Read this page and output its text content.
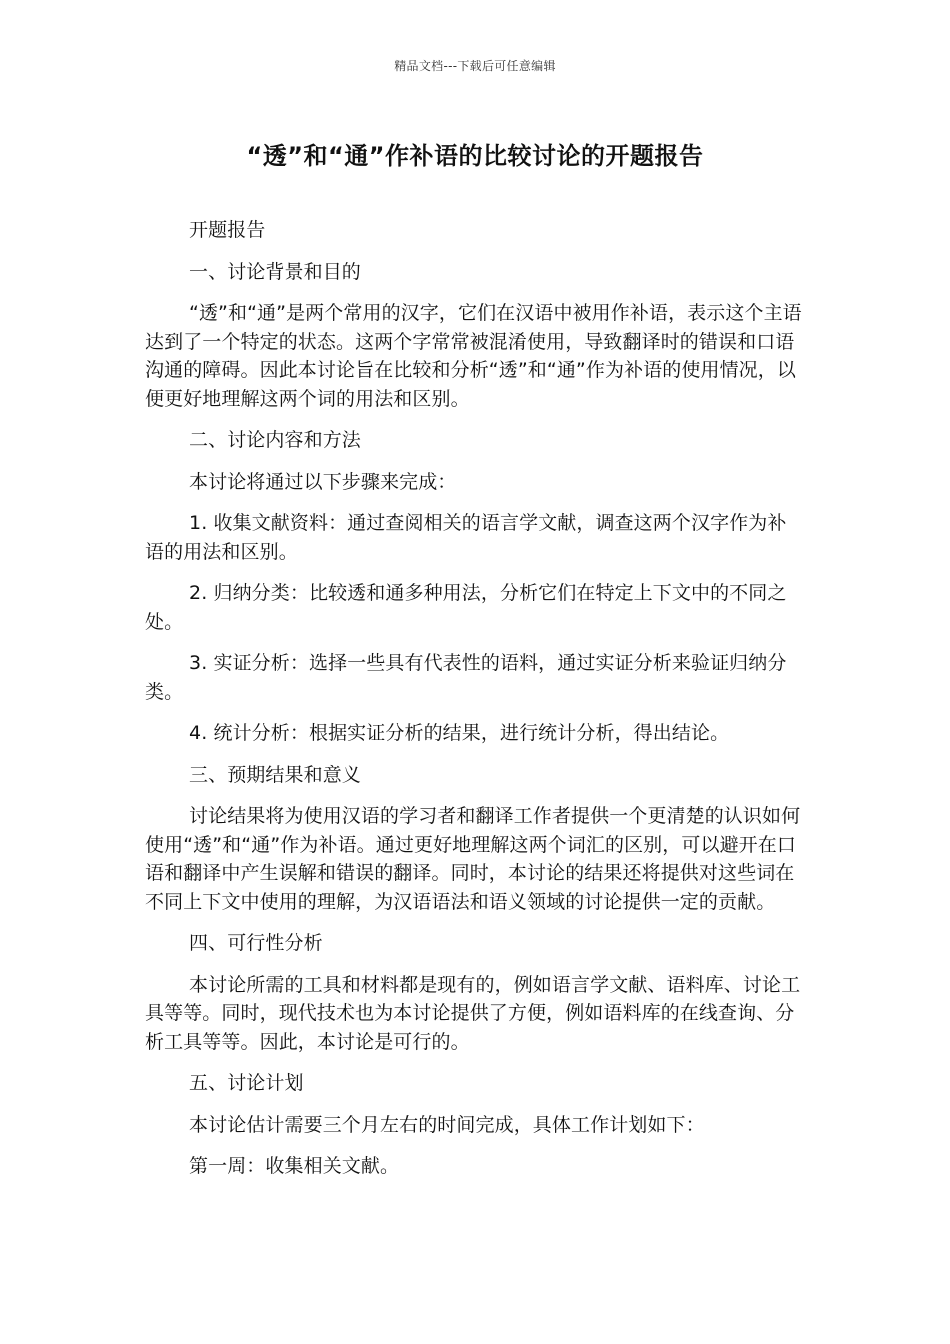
精品文档---下载后可任意编辑
“透”和“通”作补语的比较讨论的开题报告

开题报告

一、讨论背景和目的

“透”和“通”是两个常用的汉字，它们在汉语中被用作补语，表示这个主语达到了一个特定的状态。这两个字常常被混淆使用，导致翻译时的错误和口语沟通的障碍。因此本讨论旨在比较和分析“透”和“通”作为补语的使用情况，以便更好地理解这两个词的用法和区别。

二、讨论内容和方法

本讨论将通过以下步骤来完成：

1. 收集文献资料：通过查阅相关的语言学文献，调查这两个汉字作为补语的用法和区别。

2. 归纳分类：比较透和通多种用法，分析它们在特定上下文中的不同之处。

3. 实证分析：选择一些具有代表性的语料，通过实证分析来验证归纳分类。

4. 统计分析：根据实证分析的结果，进行统计分析，得出结论。

三、预期结果和意义

讨论结果将为使用汉语的学习者和翻译工作者提供一个更清楚的认识如何使用“透”和“通”作为补语。通过更好地理解这两个词汇的区别，可以避开在口语和翻译中产生误解和错误的翻译。同时，本讨论的结果还将提供对这些词在不同上下文中使用的理解，为汉语语法和语义领域的讨论提供一定的贡献。

四、可行性分析

本讨论所需的工具和材料都是现有的，例如语言学文献、语料库、讨论工具等等。同时，现代技术也为本讨论提供了方便，例如语料库的在线查询、分析工具等等。因此，本讨论是可行的。

五、讨论计划

本讨论估计需要三个月左右的时间完成，具体工作计划如下：

第一周：收集相关文献。
